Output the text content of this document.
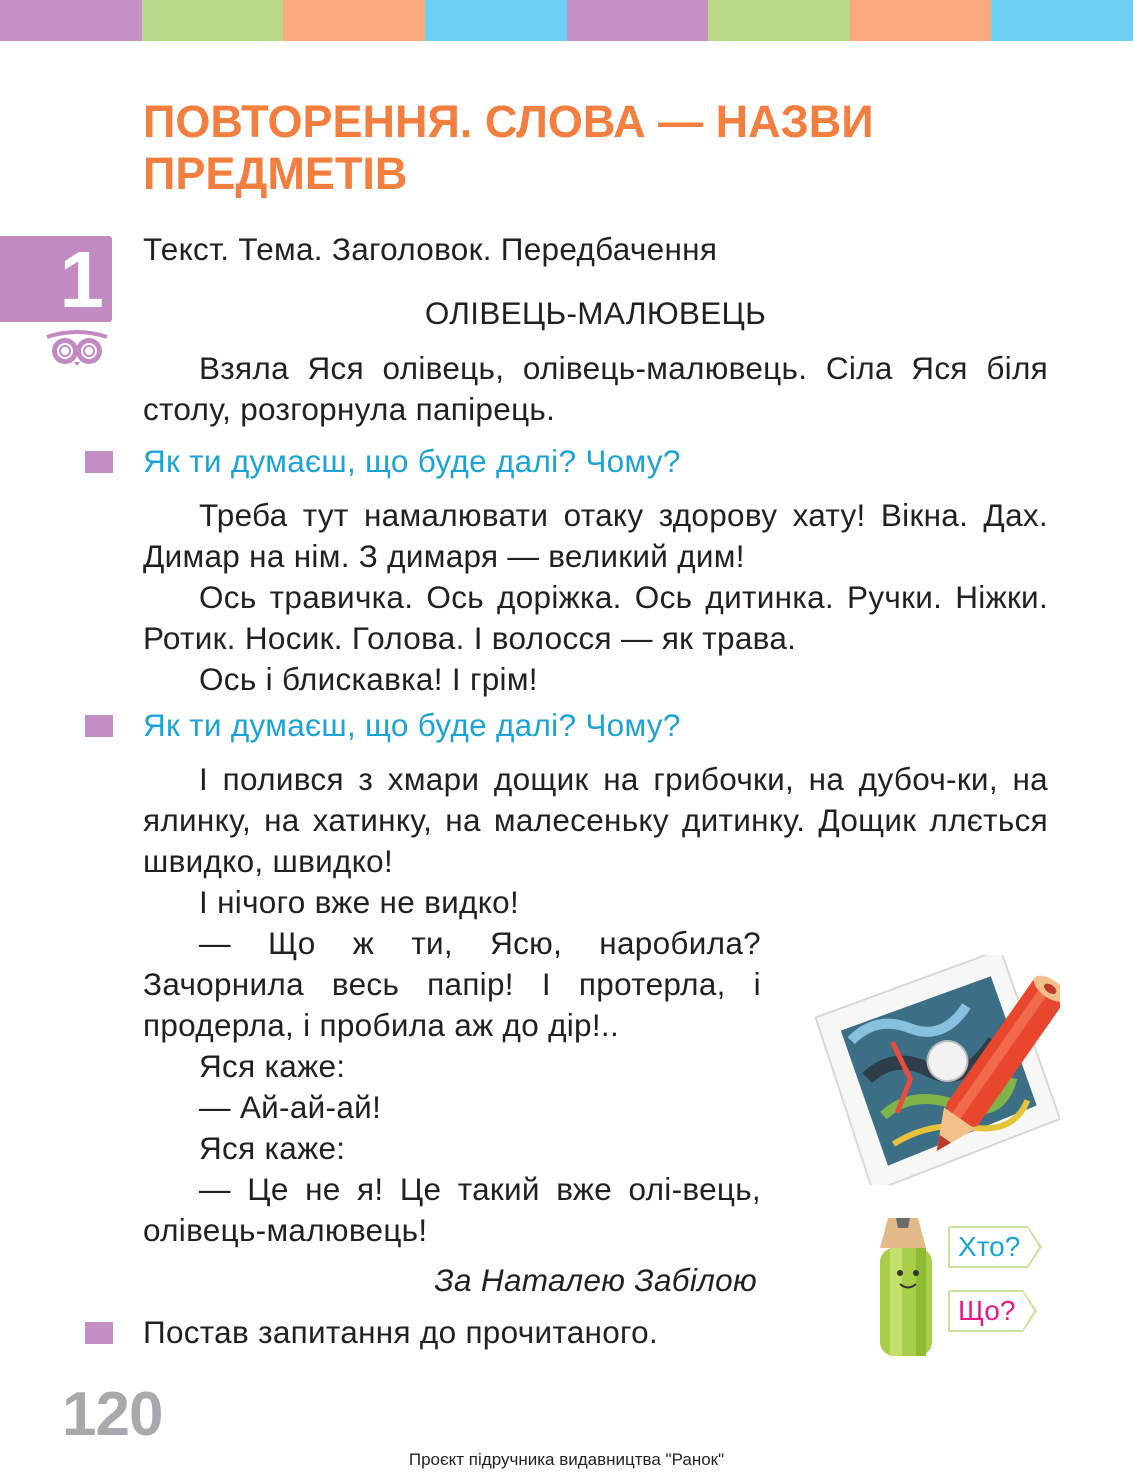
ПОВТОРЕННЯ. СЛОВА — НАЗВИ
ПРЕДМЕТІВ
1 Текст. Тема. Заголовок. Передбачення

ОЛІВЕЦЬ-МАЛЮВЕЦЬ

Взяла Яся олівець, олівець-малювець. Сіла Яся біля столу, розгорнула папірець.

Як ти думаєш, що буде далі? Чому?

Треба тут намалювати отаку здорову хату! Вікна. Дах. Димар на нім. З димаря — великий дим!

Ось травичка. Ось доріжка. Ось дитинка. Ручки. Ніжки. Ротик. Носик. Голова. І волосся — як трава.

Ось і блискавка! І грім!

Як ти думаєш, що буде далі? Чому?

І полився з хмари дощик на грибочки, на дубоч-ки, на ялинку, на хатинку, на малесеньку дитинку. Дощик ллється швидко, швидко!

І нічого вже не видко!

— Що ж ти, Ясю, наробила? Зачорнила весь папір! І протерла, і продерла, і пробила аж до дір!..

Яся каже:

— Ай-ай-ай!

Яся каже:

— Це не я! Це такий вже олі-вець, олівець-малювець!

За Наталею Забілою

Постав запитання до прочитаного.

Хто?
Що?
120
Проєкт підручника видавництва "Ранок"
